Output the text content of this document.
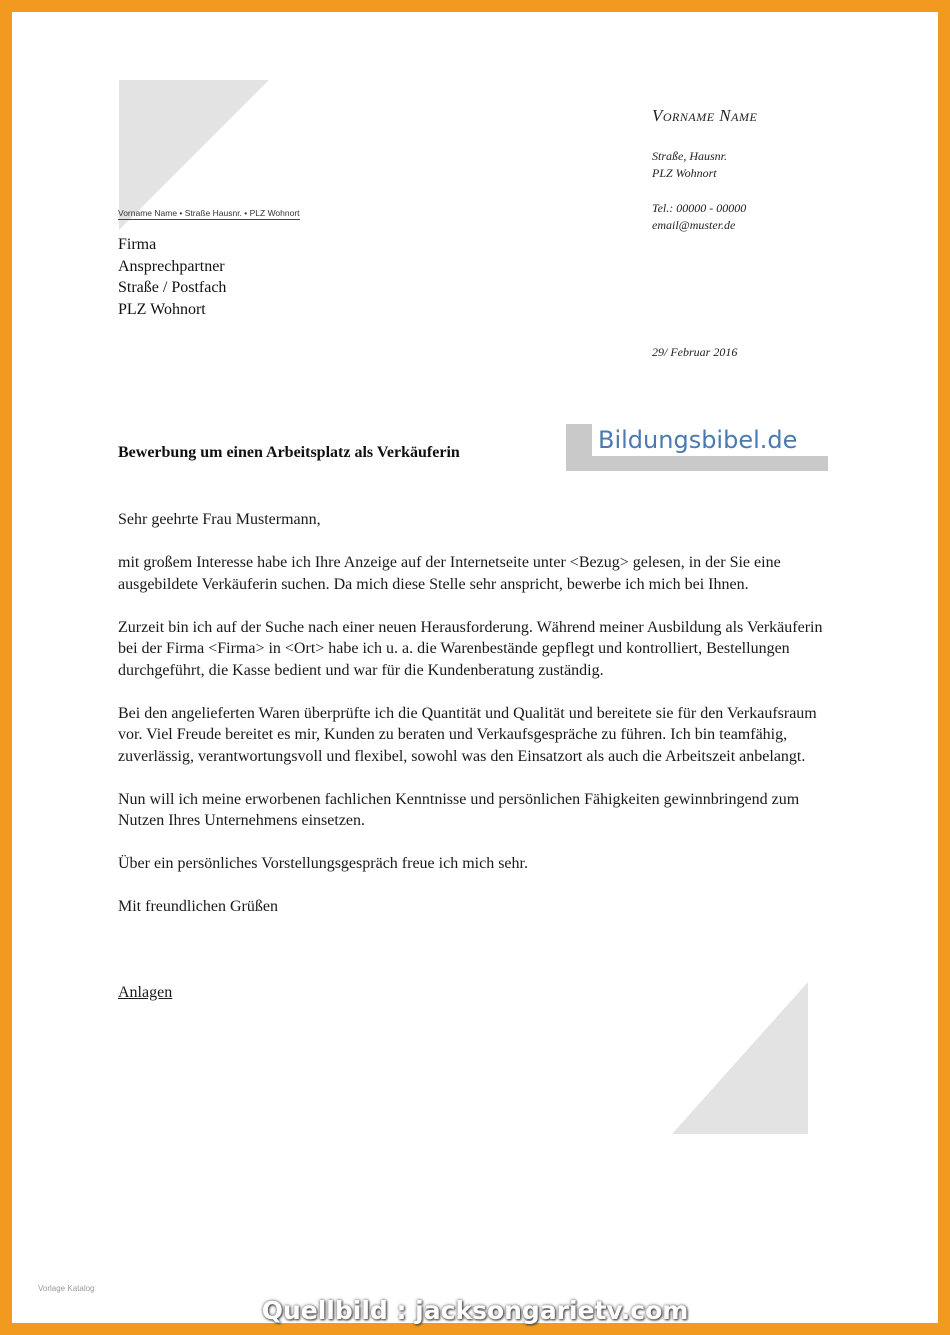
Vorname Name
Straße, Hausnr.
PLZ Wohnort
Tel.: 00000 - 00000
email@muster.de
Vorname Name • Straße Hausnr. • PLZ Wohnort
Firma
Ansprechpartner
Straße / Postfach
PLZ Wohnort
29/ Februar 2016
Bildungsbibel.de
Bewerbung um einen Arbeitsplatz als Verkäuferin

Sehr geehrte Frau Mustermann,

mit großem Interesse habe ich Ihre Anzeige auf der Internetseite unter <Bezug> gelesen, in der Sie eine ausgebildete Verkäuferin suchen. Da mich diese Stelle sehr anspricht, bewerbe ich mich bei Ihnen.

Zurzeit bin ich auf der Suche nach einer neuen Herausforderung. Während meiner Ausbildung als Verkäuferin bei der Firma <Firma> in <Ort> habe ich u. a. die Warenbestände gepflegt und kontrolliert, Bestellungen durchgeführt, die Kasse bedient und war für die Kundenberatung zuständig.

Bei den angelieferten Waren überprüfte ich die Quantität und Qualität und bereitete sie für den Verkaufsraum vor. Viel Freude bereitet es mir, Kunden zu beraten und Verkaufsgespräche zu führen. Ich bin teamfähig, zuverlässig, verantwortungsvoll und flexibel, sowohl was den Einsatzort als auch die Arbeitszeit anbelangt.

Nun will ich meine erworbenen fachlichen Kenntnisse und persönlichen Fähigkeiten gewinnbringend zum Nutzen Ihres Unternehmens einsetzen.

Über ein persönliches Vorstellungsgespräch freue ich mich sehr.

Mit freundlichen Grüßen

Anlagen

Vorlage Katalog
Quellbild : jacksongarietv.com
